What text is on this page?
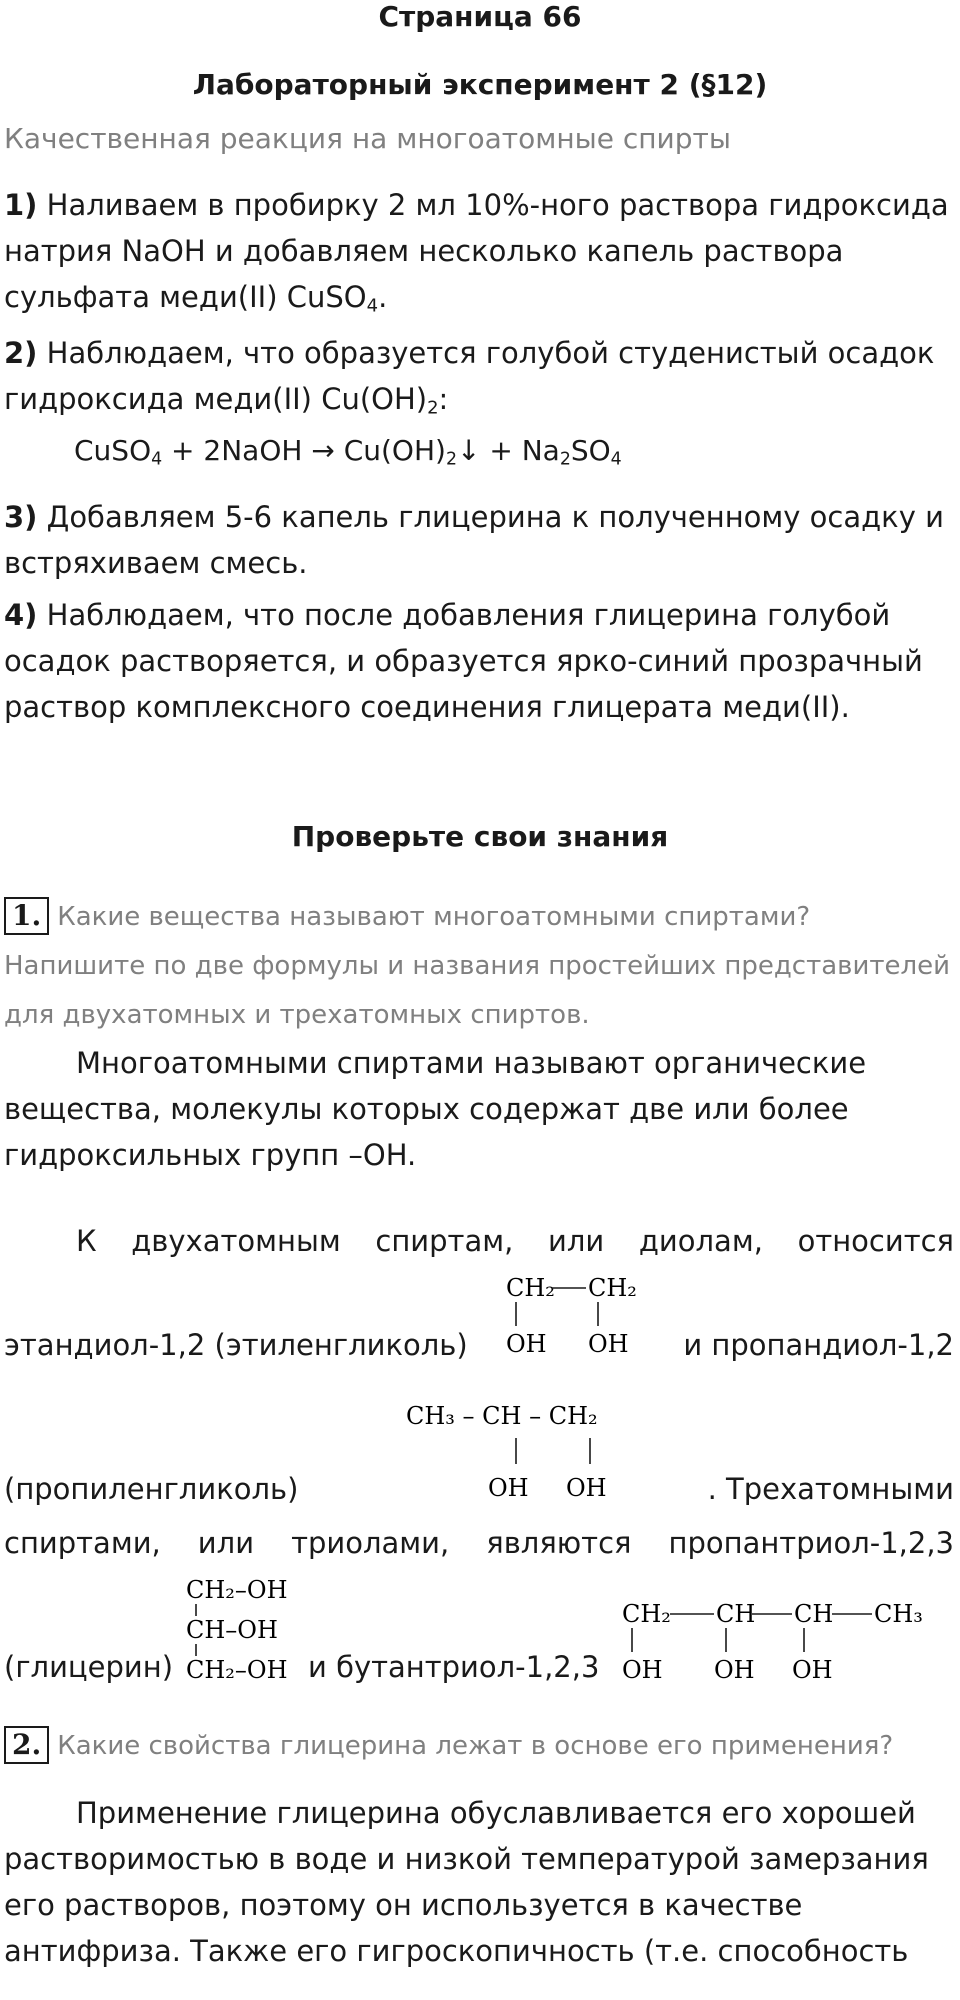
Страница 66
Лабораторный эксперимент 2 (§12)
Качественная реакция на многоатомные спирты
1) Наливаем в пробирку 2 мл 10%-ного раствора гидроксида натрия NaOH и добавляем несколько капель раствора сульфата меди(II) CuSO$_4$.
2) Наблюдаем, что образуется голубой студенистый осадок гидроксида меди(II) $Cu(OH)_2$:
CuSO$_4$ + 2NaOH → $Cu(OH)_2↓ + Na_2SO_4$
3) Добавляем 5-6 капель глицерина к полученному осадку и встряхиваем смесь.
4) Наблюдаем, что после добавления глицерина голубой осадок растворяется, и образуется ярко-синий прозрачный раствор комплексного соединения глицерата меди(II).
Проверьте свои знания
1. Какие вещества называют многоатомными спиртами? Напишите по две формулы и названия простейших представителей для двухатомных и трехатомных спиртов.
Многоатомными спиртами называют органические вещества, молекулы которых содержат две или более гидроксильных групп –OH.
К двухатомным спиртам, или диолам, относится
этандиол-1,2 (этиленгликоль)
CH₂ CH₂
OH OH и пропандиол-1,2
CH₃ – CH – CH₂
OH OH
(пропиленгликоль)	. Трехатомными
спиртами, или триолами, являются пропантриол-1,2,3
(глицерин)
CH₂–OH
CH–OH
CH₂–OH и бутантриол-1,2,3
CH₂ CH CH CH₃
OH OH OH
2. Какие свойства глицерина лежат в основе его применения?
Применение глицерина обуславливается его хорошей растворимостью в воде и низкой температурой замерзания его растворов, поэтому он используется в качестве антифриза. Также его гигроскопичность (т.е. способность
